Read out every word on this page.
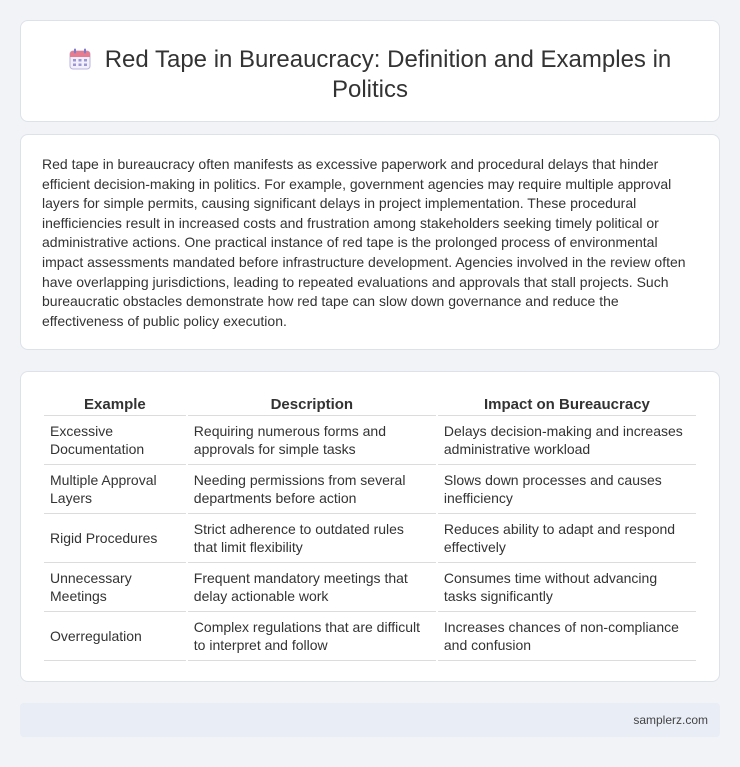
Red Tape in Bureaucracy: Definition and Examples in Politics

Red tape in bureaucracy often manifests as excessive paperwork and procedural delays that hinder efficient decision-making in politics. For example, government agencies may require multiple approval layers for simple permits, causing significant delays in project implementation. These procedural inefficiencies result in increased costs and frustration among stakeholders seeking timely political or administrative actions. One practical instance of red tape is the prolonged process of environmental impact assessments mandated before infrastructure development. Agencies involved in the review often have overlapping jurisdictions, leading to repeated evaluations and approvals that stall projects. Such bureaucratic obstacles demonstrate how red tape can slow down governance and reduce the effectiveness of public policy execution.

Example	Description	Impact on Bureaucracy
Excessive Documentation	Requiring numerous forms and approvals for simple tasks	Delays decision-making and increases administrative workload
Multiple Approval Layers	Needing permissions from several departments before action	Slows down processes and causes inefficiency
Rigid Procedures	Strict adherence to outdated rules that limit flexibility	Reduces ability to adapt and respond effectively
Unnecessary Meetings	Frequent mandatory meetings that delay actionable work	Consumes time without advancing tasks significantly
Overregulation	Complex regulations that are difficult to interpret and follow	Increases chances of non-compliance and confusion
samplerz.com
